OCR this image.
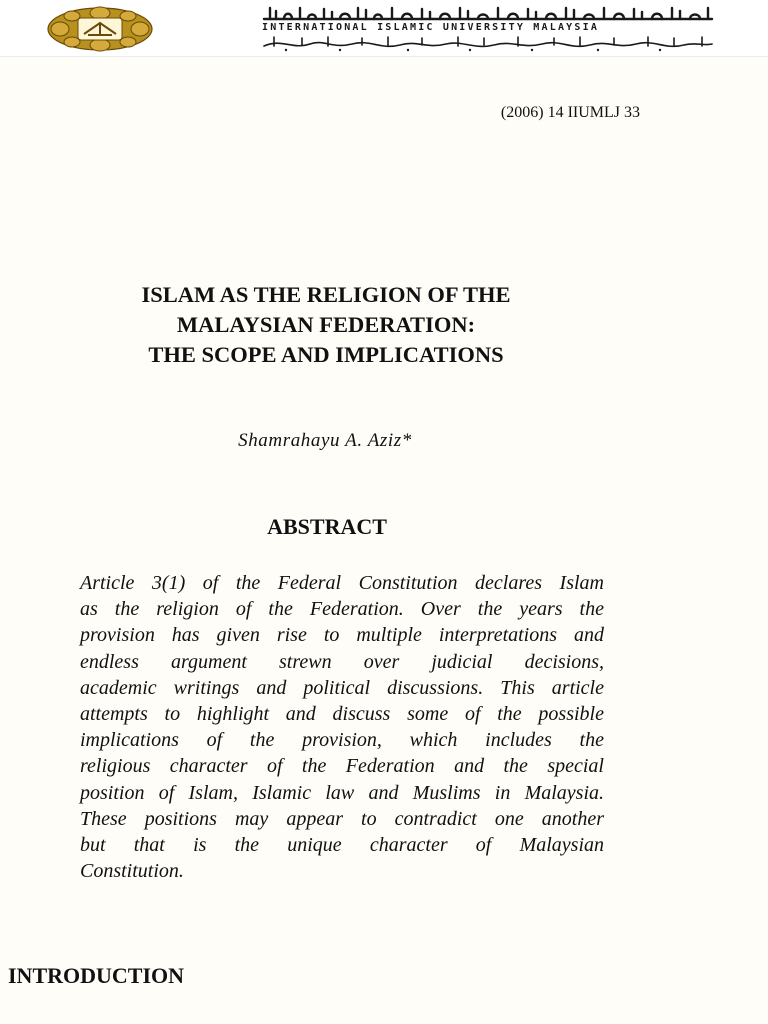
INTERNATIONAL ISLAMIC UNIVERSITY MALAYSIA
(2006) 14 IIUMLJ 33
ISLAM AS THE RELIGION OF THE
MALAYSIAN FEDERATION:
THE SCOPE AND IMPLICATIONS
Shamrahayu A. Aziz*
ABSTRACT
Article 3(1) of the Federal Constitution declares Islam
as the religion of the Federation. Over the years the
provision has given rise to multiple interpretations and
endless argument strewn over judicial decisions,
academic writings and political discussions. This article
attempts to highlight and discuss some of the possible
implications of the provision, which includes the
religious character of the Federation and the special
position of Islam, Islamic law and Muslims in Malaysia.
These positions may appear to contradict one another
but that is the unique character of Malaysian
Constitution.
INTRODUCTION
